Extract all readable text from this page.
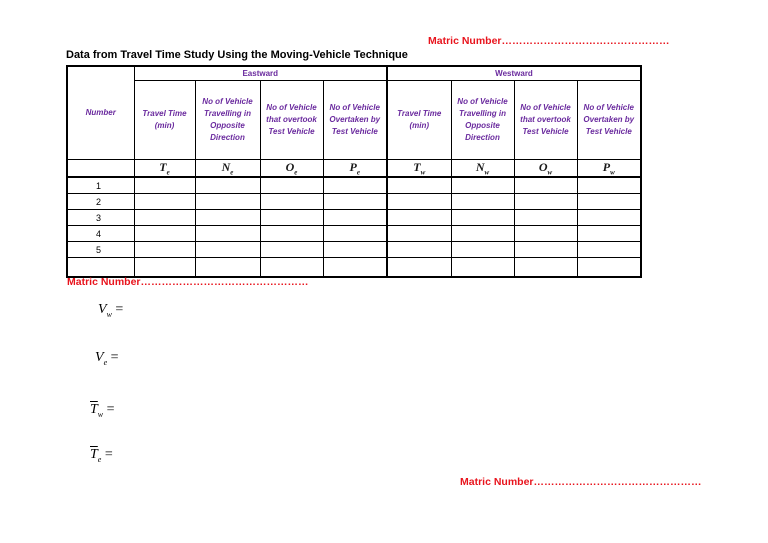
Matric Number…………………………………………
Data from Travel Time Study Using the Moving-Vehicle Technique
Number	Eastward				Westward			
	Travel Time (min)	No of Vehicle Travelling in Opposite Direction	No of Vehicle that overtook Test Vehicle	No of Vehicle Overtaken by Test Vehicle	Travel Time (min)	No of Vehicle Travelling in Opposite Direction	No of Vehicle that overtook Test Vehicle	No of Vehicle Overtaken by Test Vehicle
	$T_e$	$N_e$	$O_e$	$P_e$	$T_w$	$N_w$	$O_w$	$P_w$
1								
2								
3								
4								
5								

Matric Number…………………………………………
$V_w$ =
$V_e$ =
$\overline{T}_w$ =
$\overline{T}_e$ =
Matric Number…………………………………………
